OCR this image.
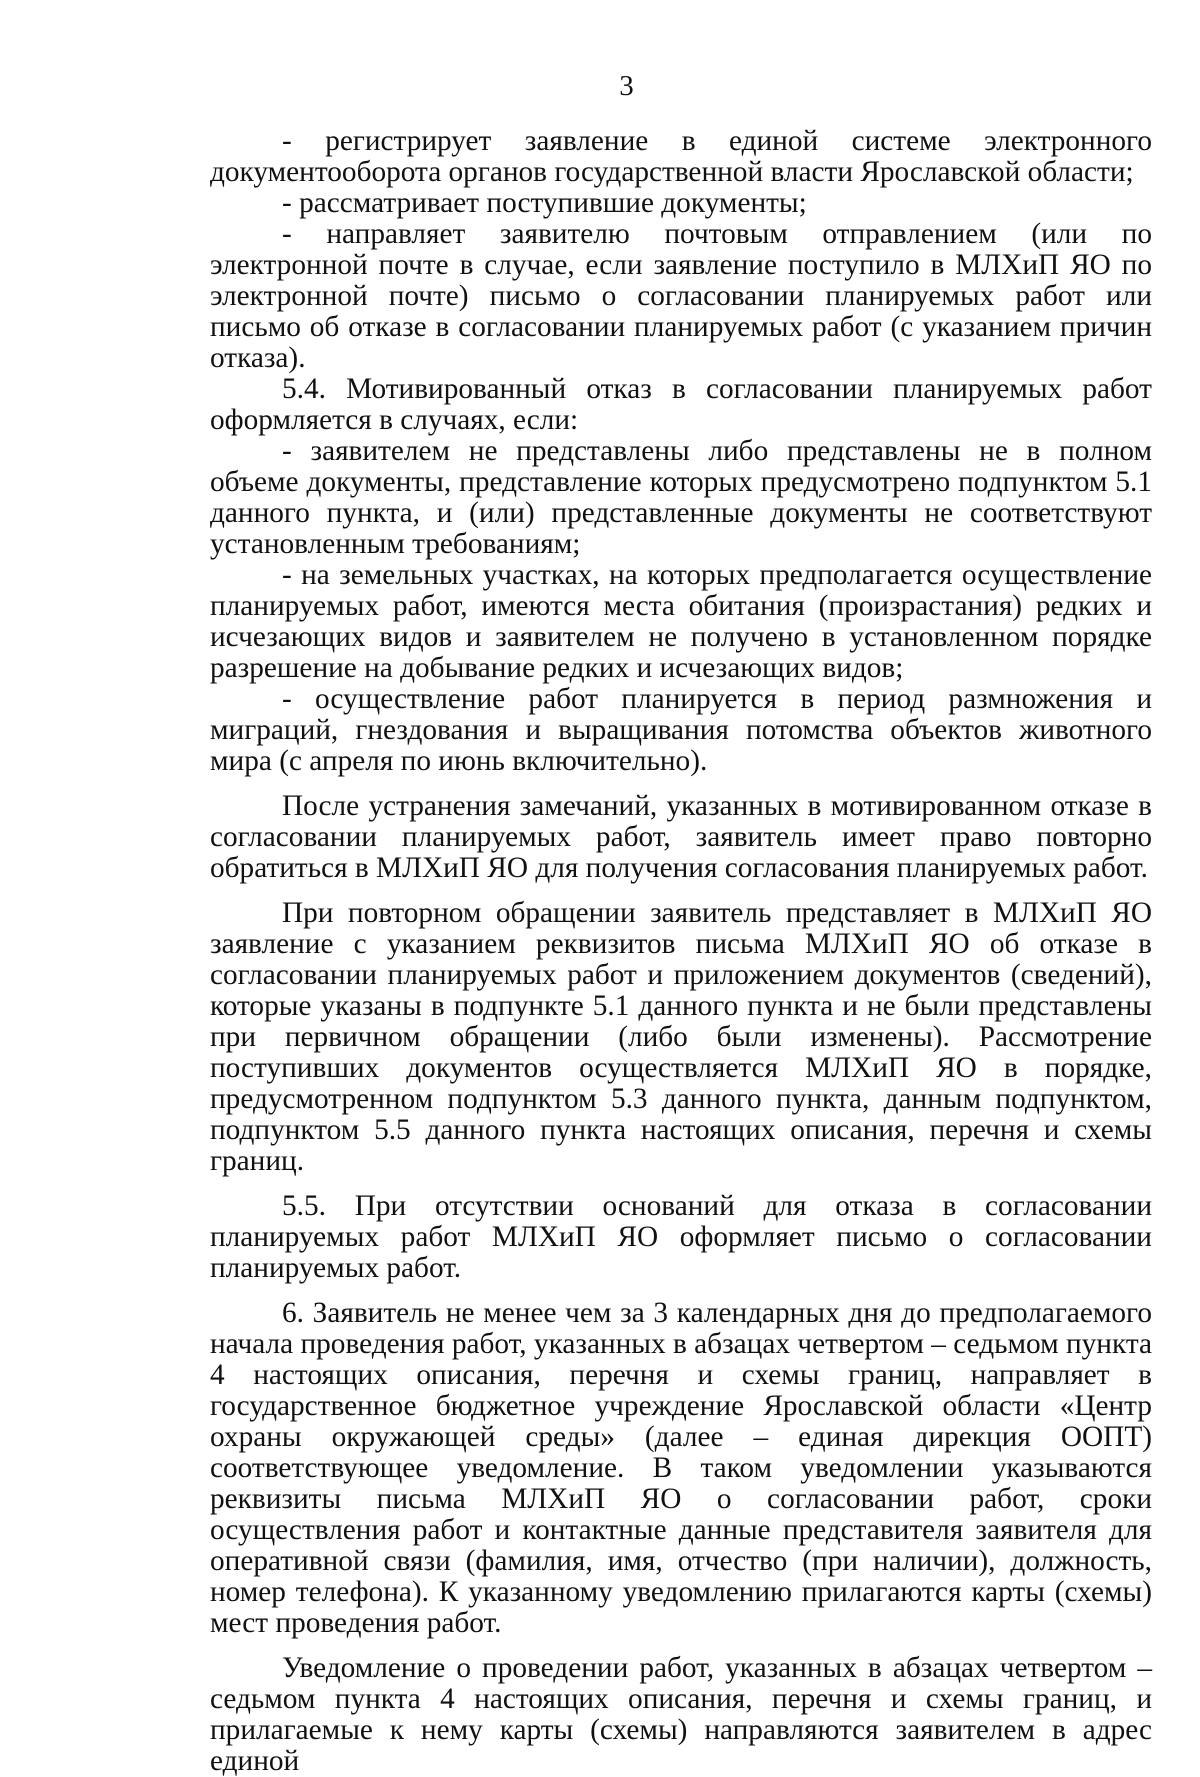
3

- регистрирует заявление в единой системе электронного документооборота органов государственной власти Ярославской области;

- рассматривает поступившие документы;

- направляет заявителю почтовым отправлением (или по электронной почте в случае, если заявление поступило в МЛХиП ЯО по электронной почте) письмо о согласовании планируемых работ или письмо об отказе в согласовании планируемых работ (с указанием причин отказа).

5.4. Мотивированный отказ в согласовании планируемых работ оформляется в случаях, если:

- заявителем не представлены либо представлены не в полном объеме документы, представление которых предусмотрено подпунктом 5.1 данного пункта, и (или) представленные документы не соответствуют установленным требованиям;

- на земельных участках, на которых предполагается осуществление планируемых работ, имеются места обитания (произрастания) редких и исчезающих видов и заявителем не получено в установленном порядке разрешение на добывание редких и исчезающих видов;

- осуществление работ планируется в период размножения и миграций, гнездования и выращивания потомства объектов животного мира (с апреля по июнь включительно).

После устранения замечаний, указанных в мотивированном отказе в согласовании планируемых работ, заявитель имеет право повторно обратиться в МЛХиП ЯО для получения согласования планируемых работ.

При повторном обращении заявитель представляет в МЛХиП ЯО заявление с указанием реквизитов письма МЛХиП ЯО об отказе в согласовании планируемых работ и приложением документов (сведений), которые указаны в подпункте 5.1 данного пункта и не были представлены при первичном обращении (либо были изменены). Рассмотрение поступивших документов осуществляется МЛХиП ЯО в порядке, предусмотренном подпунктом 5.3 данного пункта, данным подпунктом, подпунктом 5.5 данного пункта настоящих описания, перечня и схемы границ.

5.5. При отсутствии оснований для отказа в согласовании планируемых работ МЛХиП ЯО оформляет письмо о согласовании планируемых работ.

6. Заявитель не менее чем за 3 календарных дня до предполагаемого начала проведения работ, указанных в абзацах четвертом – седьмом пункта 4 настоящих описания, перечня и схемы границ, направляет в государственное бюджетное учреждение Ярославской области «Центр охраны окружающей среды» (далее – единая дирекция ООПТ) соответствующее уведомление. В таком уведомлении указываются реквизиты письма МЛХиП ЯО о согласовании работ, сроки осуществления работ и контактные данные представителя заявителя для оперативной связи (фамилия, имя, отчество (при наличии), должность, номер телефона). К указанному уведомлению прилагаются карты (схемы) мест проведения работ.

Уведомление о проведении работ, указанных в абзацах четвертом – седьмом пункта 4 настоящих описания, перечня и схемы границ, и прилагаемые к нему карты (схемы) направляются заявителем в адрес единой
